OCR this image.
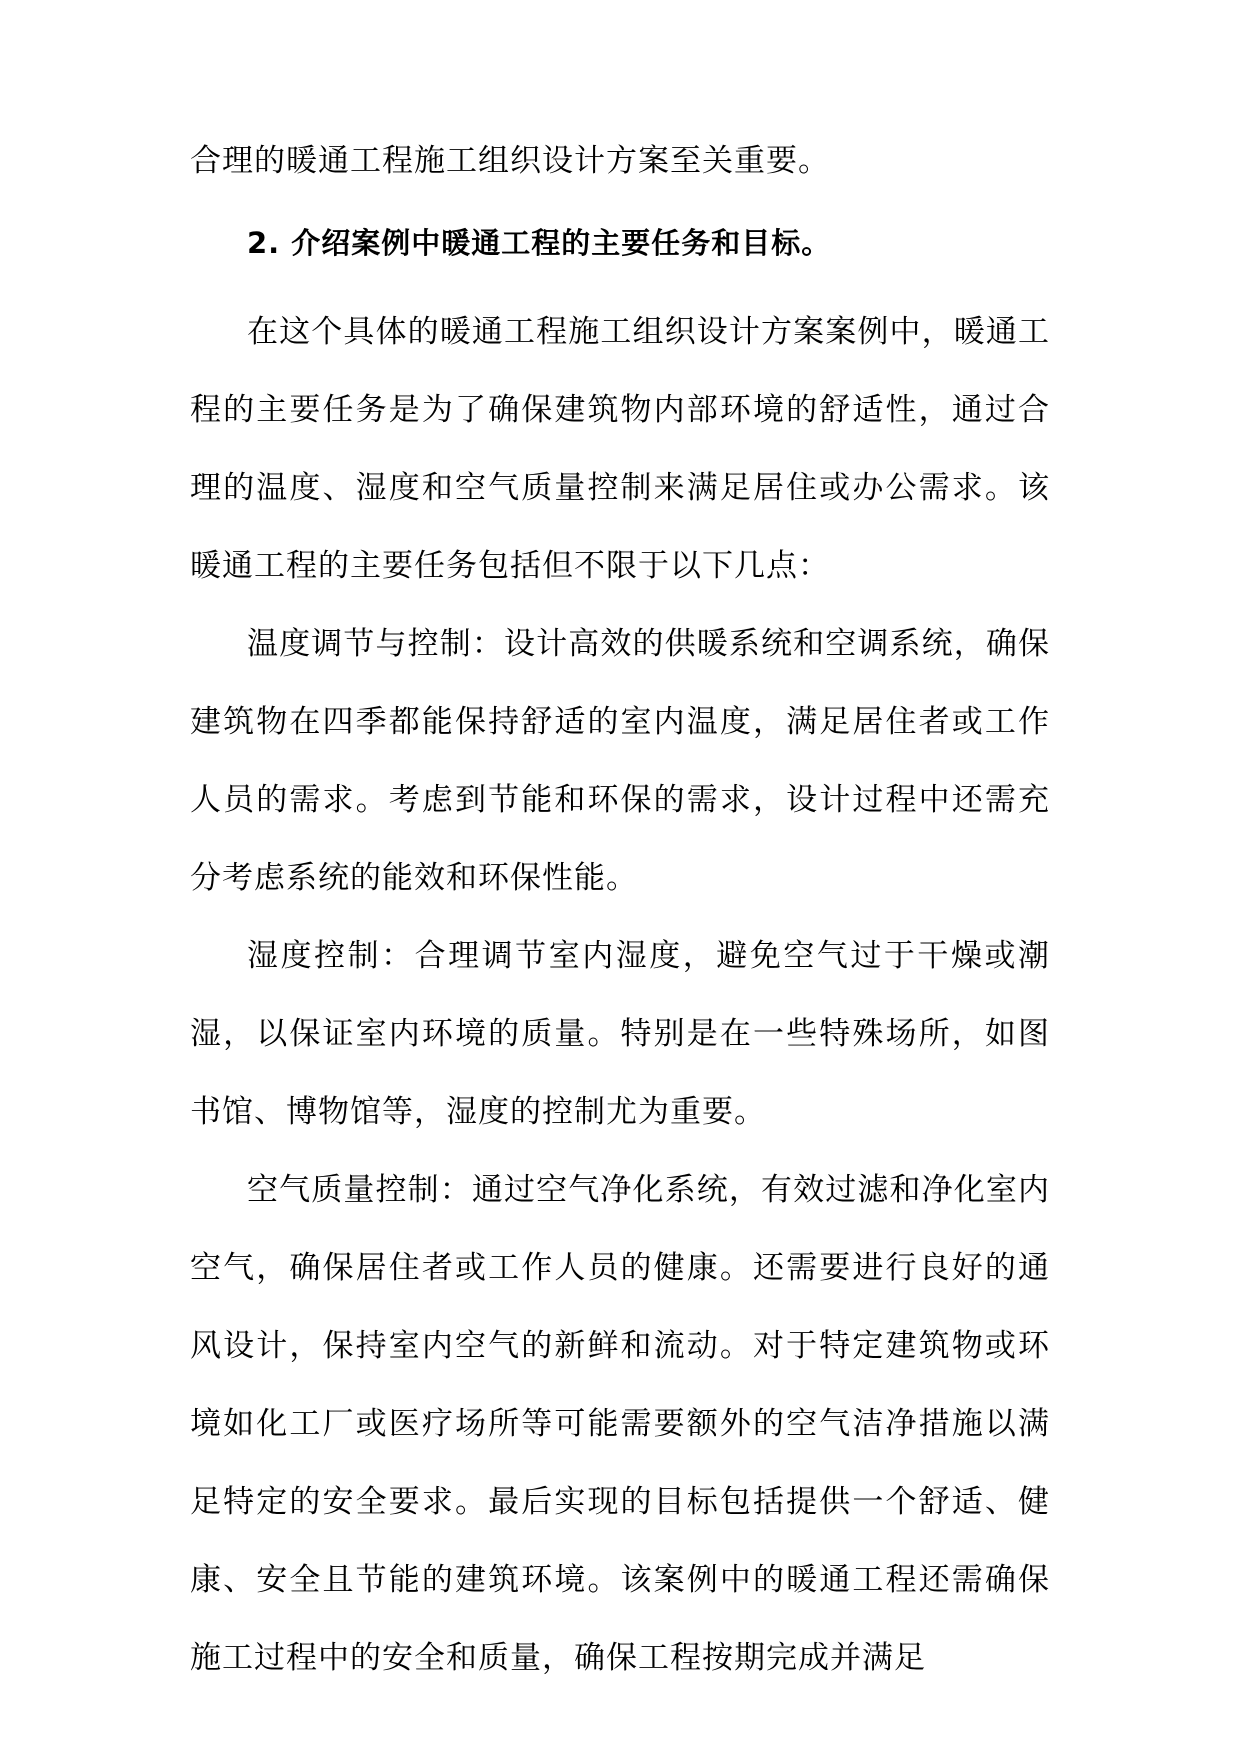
合理的暖通工程施工组织设计方案至关重要。

2. 介绍案例中暖通工程的主要任务和目标。

在这个具体的暖通工程施工组织设计方案案例中，暖通工程的主要任务是为了确保建筑物内部环境的舒适性，通过合理的温度、湿度和空气质量控制来满足居住或办公需求。该暖通工程的主要任务包括但不限于以下几点：

温度调节与控制：设计高效的供暖系统和空调系统，确保建筑物在四季都能保持舒适的室内温度，满足居住者或工作人员的需求。考虑到节能和环保的需求，设计过程中还需充分考虑系统的能效和环保性能。

湿度控制：合理调节室内湿度，避免空气过于干燥或潮湿，以保证室内环境的质量。特别是在一些特殊场所，如图书馆、博物馆等，湿度的控制尤为重要。

空气质量控制：通过空气净化系统，有效过滤和净化室内空气，确保居住者或工作人员的健康。还需要进行良好的通风设计，保持室内空气的新鲜和流动。对于特定建筑物或环境如化工厂或医疗场所等可能需要额外的空气洁净措施以满足特定的安全要求。最后实现的目标包括提供一个舒适、健康、安全且节能的建筑环境。该案例中的暖通工程还需确保施工过程中的安全和质量，确保工程按期完成并满足
